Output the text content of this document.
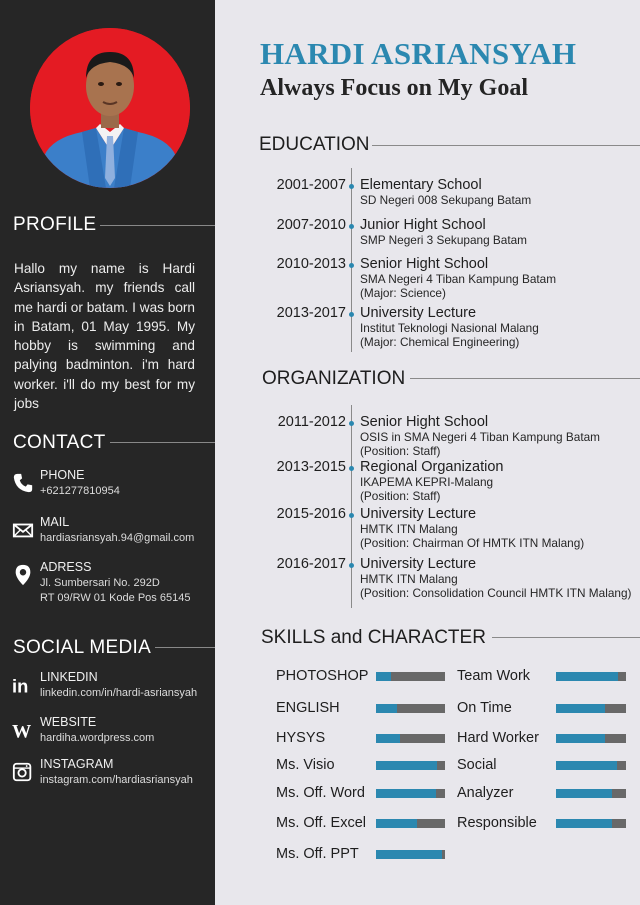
PROFILE
Hallo my name is Hardi Asriansyah. my friends call me hardi or batam. I was born in Batam, 01 May 1995. My hobby is swimming and palying badminton. i'm hard worker. i'll do my best for my jobs
CONTACT
PHONE
+621277810954
MAIL
hardiasriansyah.94@gmail.com
ADRESS
Jl. Sumbersari No. 292D
RT 09/RW 01 Kode Pos 65145
SOCIAL MEDIA
in LINKEDIN
linkedin.com/in/hardi-asriansyah
W WEBSITE
hardiha.wordpress.com
INSTAGRAM
instagram.com/hardiasriansyah
HARDI ASRIANSYAH
Always Focus on My Goal
EDUCATION
2001-2007 Elementary School
SD Negeri 008 Sekupang Batam
2007-2010 Junior Hight School
SMP Negeri 3 Sekupang Batam
2010-2013 Senior Hight School
SMA Negeri 4 Tiban Kampung Batam
(Major: Science)
2013-2017 University Lecture
Institut Teknologi Nasional Malang
(Major: Chemical Engineering)
ORGANIZATION
2011-2012 Senior Hight School
OSIS in SMA Negeri 4 Tiban Kampung Batam
(Position: Staff)
2013-2015 Regional Organization
IKAPEMA KEPRI-Malang
(Position: Staff)
2015-2016 University Lecture
HMTK ITN Malang
(Position: Chairman Of HMTK ITN Malang)
2016-2017 University Lecture
HMTK ITN Malang
(Position: Consolidation Council HMTK ITN Malang)
SKILLS and CHARACTER
PHOTOSHOP
ENGLISH
HYSYS
Ms. Visio
Ms. Off. Word
Ms. Off. Excel
Ms. Off. PPT
Team Work
On Time
Hard Worker
Social
Analyzer
Responsible
